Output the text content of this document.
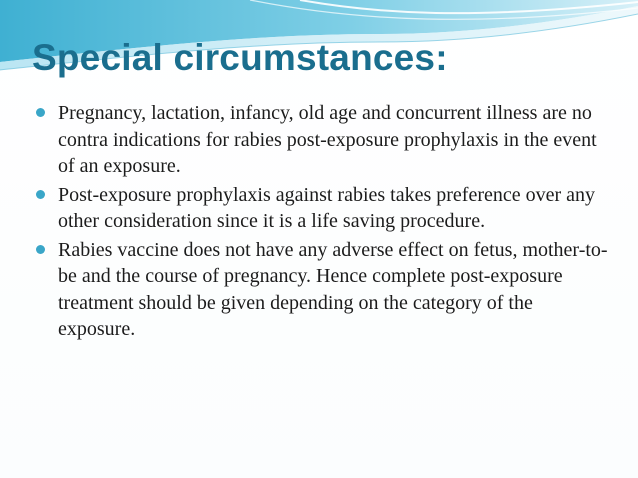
Special circumstances:
Pregnancy, lactation, infancy, old age and concurrent illness are no contra indications for rabies post-exposure prophylaxis in the event of an exposure.
Post-exposure prophylaxis against rabies takes preference over any other consideration since it is a life saving procedure.
Rabies vaccine does not have any adverse effect on fetus, mother-to-be and the course of pregnancy. Hence complete post-exposure treatment should be given depending on the category of the exposure.
